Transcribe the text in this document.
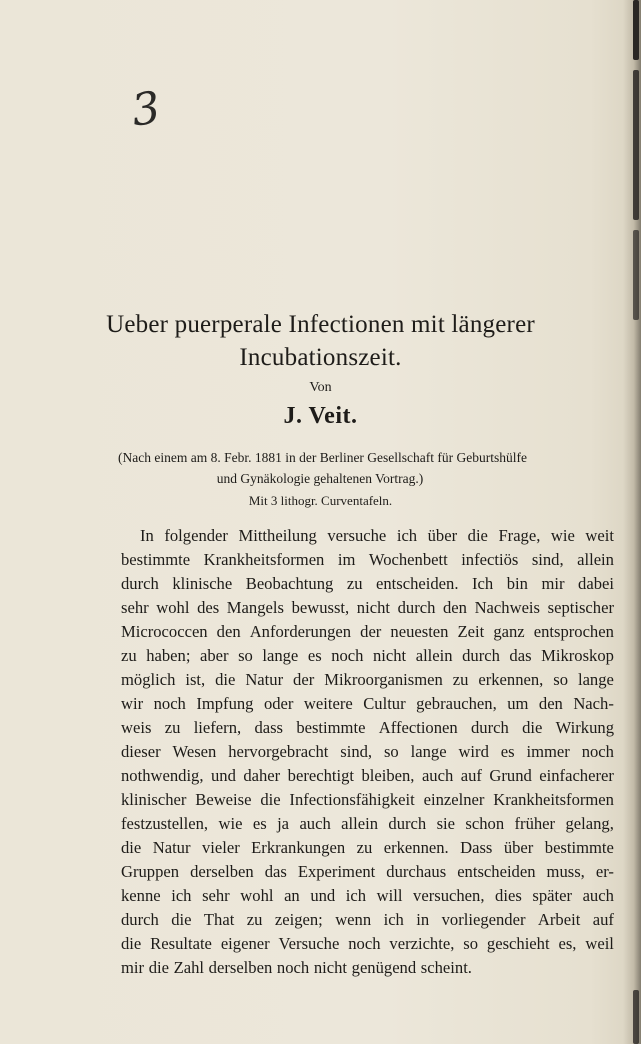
3
Ueber puerperale Infectionen mit längerer
Incubationszeit.
Von
J. Veit.
(Nach einem am 8. Febr. 1881 in der Berliner Gesellschaft für Geburtshülfe
und Gynäkologie gehaltenen Vortrag.)
Mit 3 lithogr. Curventafeln.
In folgender Mittheilung versuche ich über die Frage, wie weit
bestimmte Krankheitsformen im Wochenbett infectiös sind, allein
durch klinische Beobachtung zu entscheiden. Ich bin mir dabei
sehr wohl des Mangels bewusst, nicht durch den Nachweis septischer
Micrococcen den Anforderungen der neuesten Zeit ganz entsprochen
zu haben; aber so lange es noch nicht allein durch das Mikroskop
möglich ist, die Natur der Mikroorganismen zu erkennen, so lange
wir noch Impfung oder weitere Cultur gebrauchen, um den Nach-
weis zu liefern, dass bestimmte Affectionen durch die Wirkung
dieser Wesen hervorgebracht sind, so lange wird es immer noch
nothwendig, und daher berechtigt bleiben, auch auf Grund einfacherer
klinischer Beweise die Infectionsfähigkeit einzelner Krankheitsformen
festzustellen, wie es ja auch allein durch sie schon früher gelang,
die Natur vieler Erkrankungen zu erkennen. Dass über bestimmte
Gruppen derselben das Experiment durchaus entscheiden muss, er-
kenne ich sehr wohl an und ich will versuchen, dies später auch
durch die That zu zeigen; wenn ich in vorliegender Arbeit auf
die Resultate eigener Versuche noch verzichte, so geschieht es, weil
mir die Zahl derselben noch nicht genügend scheint.
